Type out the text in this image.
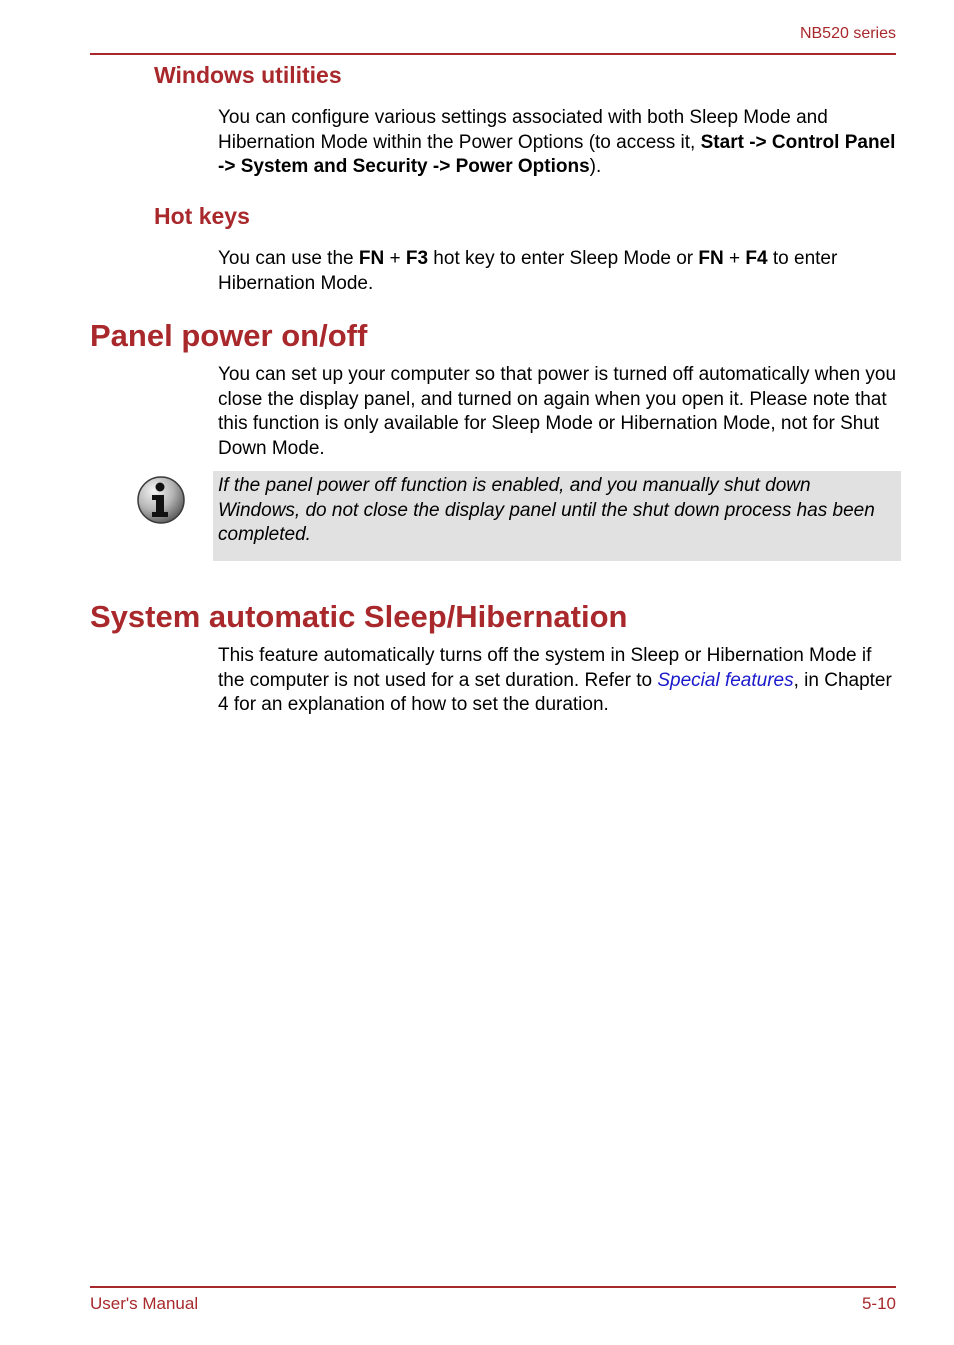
NB520 series
Windows utilities

You can configure various settings associated with both Sleep Mode and Hibernation Mode within the Power Options (to access it, Start -> Control Panel -> System and Security -> Power Options).

Hot keys

You can use the FN + F3 hot key to enter Sleep Mode or FN + F4 to enter Hibernation Mode.

Panel power on/off

You can set up your computer so that power is turned off automatically when you close the display panel, and turned on again when you open it. Please note that this function is only available for Sleep Mode or Hibernation Mode, not for Shut Down Mode.

If the panel power off function is enabled, and you manually shut down Windows, do not close the display panel until the shut down process has been completed.

System automatic Sleep/Hibernation

This feature automatically turns off the system in Sleep or Hibernation Mode if the computer is not used for a set duration. Refer to Special features, in Chapter 4 for an explanation of how to set the duration.

User's Manual	5-10
